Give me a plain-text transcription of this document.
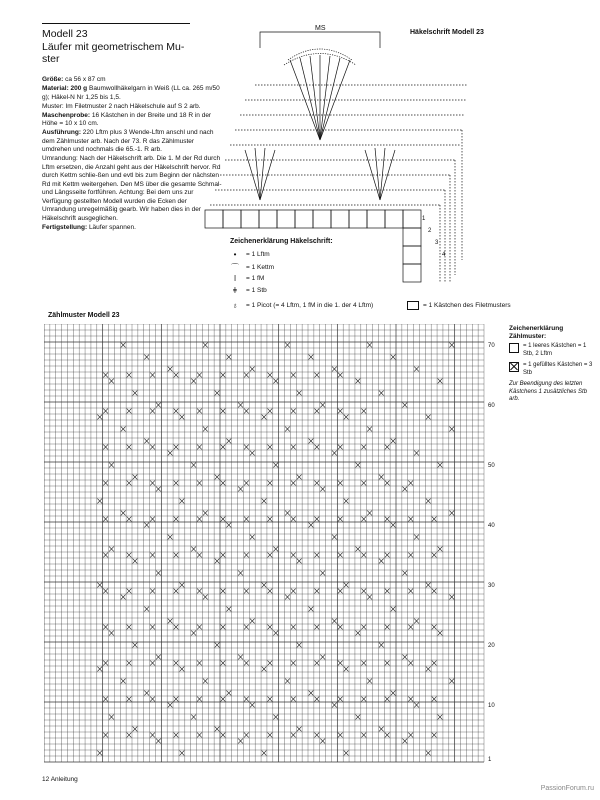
Modell 23
Läufer mit geometrischem Mu-
ster

Größe: ca 56 x 87 cm

Material: 200 g Baumwollhäkelgarn in Weiß (LL ca. 265 m/50 g); Häkel-N Nr 1,25 bis 1,5.

Muster: Im Filetmuster 2 nach Häkelschule auf S 2 arb.

Maschenprobe: 16 Kästchen in der Breite und 18 R in der Höhe = 10 x 10 cm.

Ausführung: 220 Lftm plus 3 Wende-Lftm anschl und nach dem Zählmuster arb. Nach der 73. R das Zählmuster umdrehen und nochmals die 65.-1. R arb.

Umrandung: Nach der Häkelschrift arb. Die 1. M der Rd durch Lftm ersetzen, die Anzahl geht aus der Häkelschrift hervor. Rd durch Kettm schlie-ßen und evtl bis zum Beginn der nächsten Rd mit Kettm weitergehen. Den MS über die gesamte Schmal- und Längsseite fortführen. Achtung: Bei dem uns zur Verfügung gestellten Modell wurden die Ecken der Umrandung unregelmäßig gearb. Wir haben dies in der Häkelschrift ausgeglichen.

Fertigstellung: Läufer spannen.

Häkelschrift Modell 23
MS
1
2
3
4
Zeichenerklärung Häkelschrift:
•	= 1 Lftm
⌒ = 1 Kettm
ǀ	= 1 fM
ǂ	= 1 Stb
♁	= 1 Picot (= 4 Lftm, 1 fM in die 1. der 4 Lftm)	= 1 Kästchen des Filetmusters
Zählmuster Modell 23
70
60
50
40
30
20
10
1
Zeichenerklärung Zählmuster:
= 1 leeres Kästchen = 1 Stb, 2 Lftm
= 1 gefülltes Kästchen = 3 Stb
Zur Beendigung des letzten Kästchens 1 zusätzliches Stb arb.
12 Anleitung
PassionForum.ru
